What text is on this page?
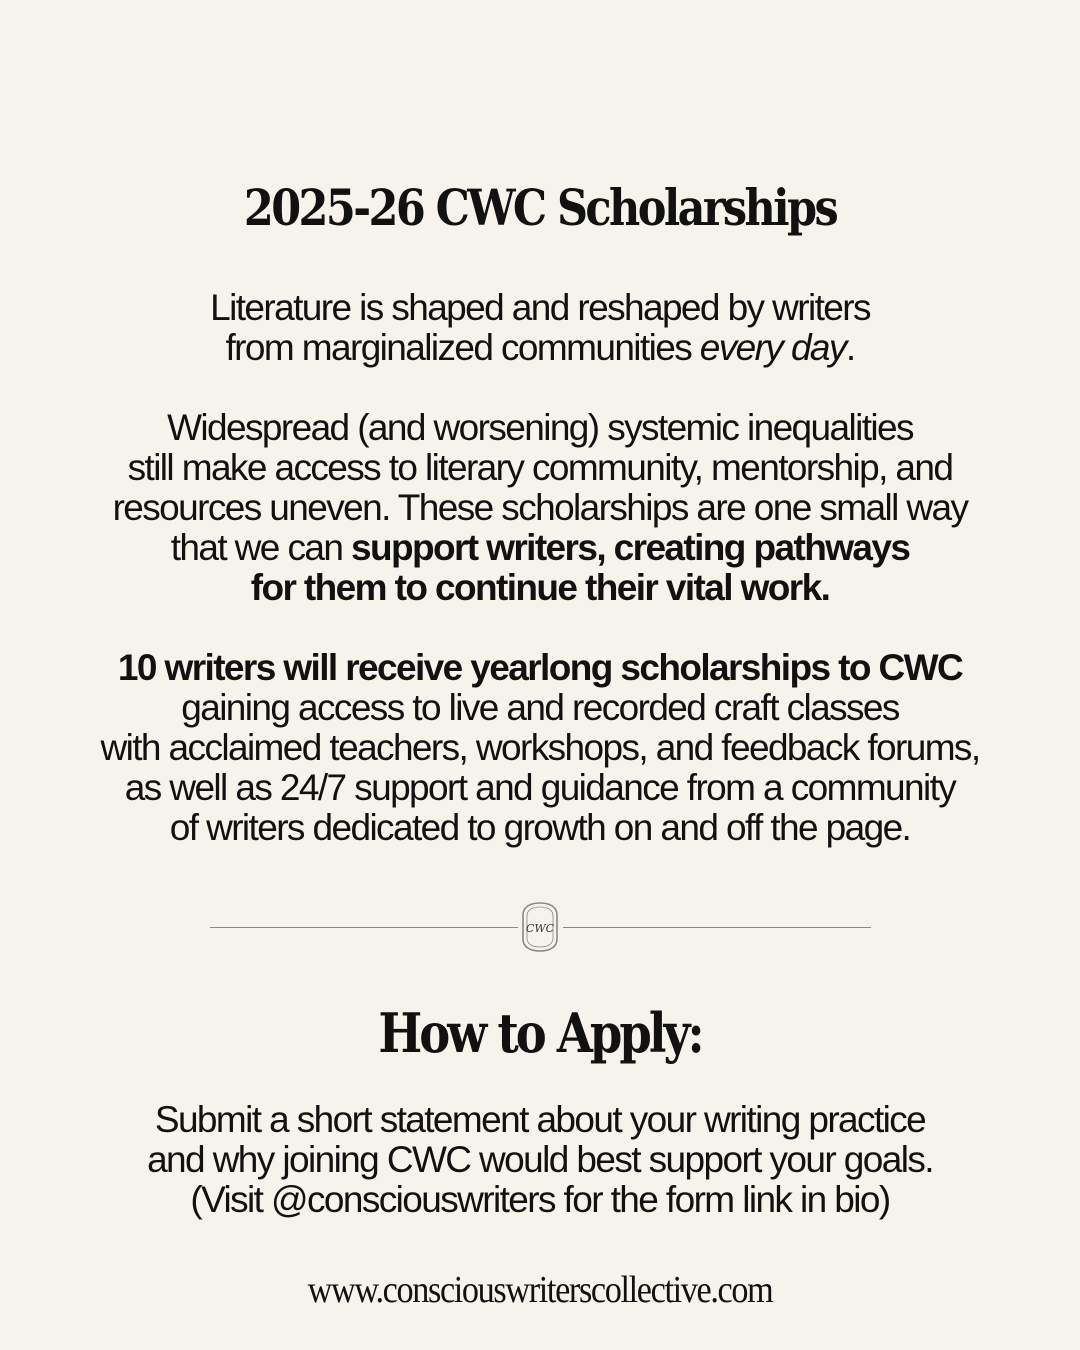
2025-26 CWC Scholarships

Literature is shaped and reshaped by writers
from marginalized communities every day.

Widespread (and worsening) systemic inequalities
still make access to literary community, mentorship, and
resources uneven. These scholarships are one small way
that we can support writers, creating pathways
for them to continue their vital work.

10 writers will receive yearlong scholarships to CWC
gaining access to live and recorded craft classes
with acclaimed teachers, workshops, and feedback forums,
as well as 24/7 support and guidance from a community
of writers dedicated to growth on and off the page.

CWC
How to Apply:

Submit a short statement about your writing practice
and why joining CWC would best support your goals.
(Visit @consciouswriters for the form link in bio)

www.consciouswriterscollective.com
